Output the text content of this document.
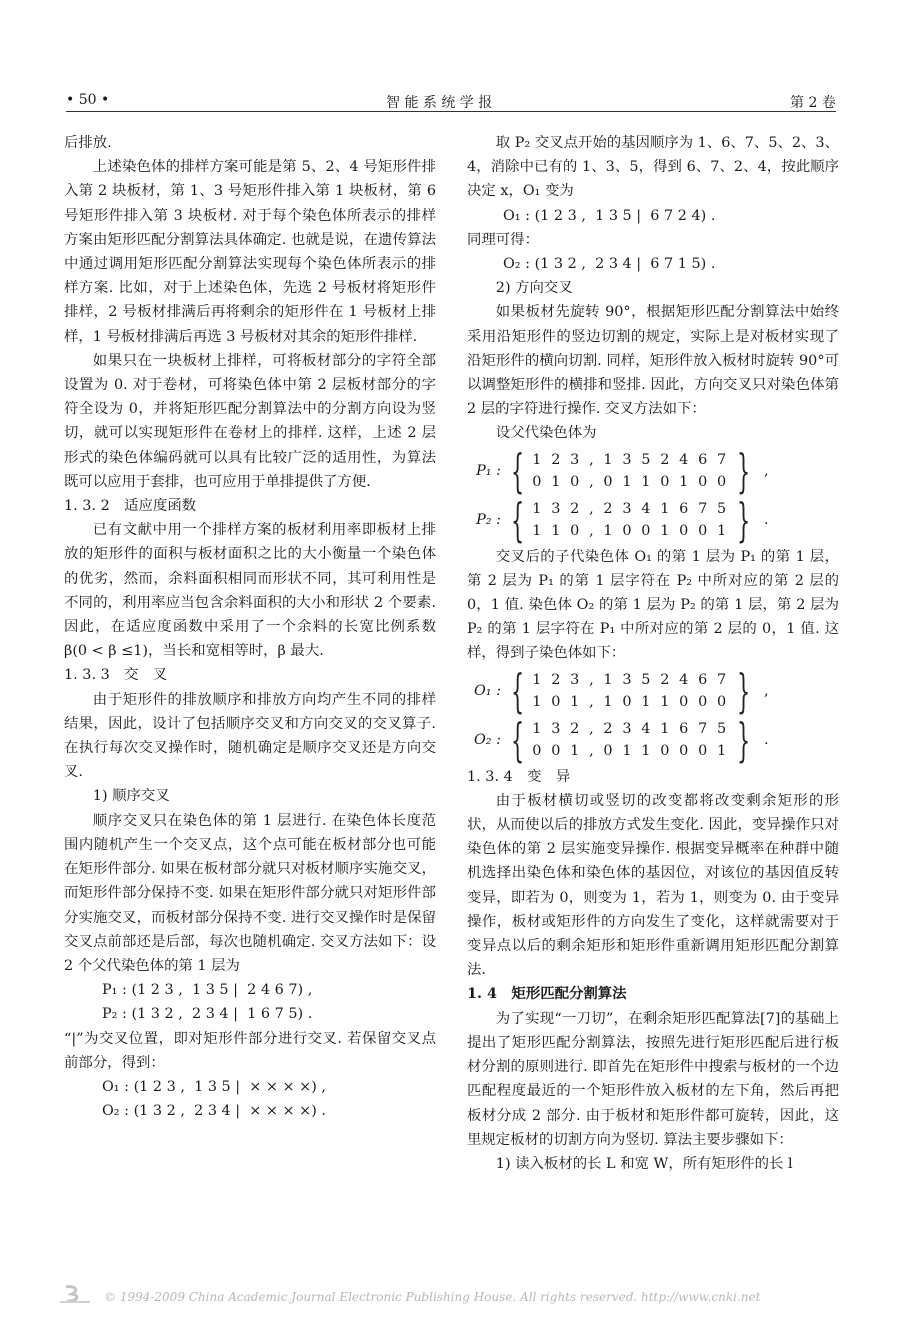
• 50 •	智 能 系 统 学 报	第 2 卷

后排放.

上述染色体的排样方案可能是第 5、2、4 号矩形件排入第 2 块板材，第 1、3 号矩形件排入第 1 块板材，第 6 号矩形件排入第 3 块板材. 对于每个染色体所表示的排样方案由矩形匹配分割算法具体确定. 也就是说，在遗传算法中通过调用矩形匹配分割算法实现每个染色体所表示的排样方案. 比如，对于上述染色体，先选 2 号板材将矩形件排样，2 号板材排满后再将剩余的矩形件在 1 号板材上排样，1 号板材排满后再选 3 号板材对其余的矩形件排样.

如果只在一块板材上排样，可将板材部分的字符全部设置为 0. 对于卷材，可将染色体中第 2 层板材部分的字符全设为 0，并将矩形匹配分割算法中的分割方向设为竖切，就可以实现矩形件在卷材上的排样. 这样，上述 2 层形式的染色体编码就可以具有比较广泛的适用性，为算法既可以应用于套排，也可应用于单排提供了方便.

1. 3. 2　适应度函数

已有文献中用一个排样方案的板材利用率即板材上排放的矩形件的面积与板材面积之比的大小衡量一个染色体的优劣，然而，余料面积相同而形状不同，其可利用性是不同的，利用率应当包含余料面积的大小和形状 2 个要素. 因此，在适应度函数中采用了一个余料的长宽比例系数 β(0 < β ≤1)，当长和宽相等时，β 最大.

1. 3. 3　交　叉

由于矩形件的排放顺序和排放方向均产生不同的排样结果，因此，设计了包括顺序交叉和方向交叉的交叉算子. 在执行每次交叉操作时，随机确定是顺序交叉还是方向交叉.

1) 顺序交叉

顺序交叉只在染色体的第 1 层进行. 在染色体长度范围内随机产生一个交叉点，这个点可能在板材部分也可能在矩形件部分. 如果在板材部分就只对板材顺序实施交叉，而矩形件部分保持不变. 如果在矩形件部分就只对矩形件部分实施交叉，而板材部分保持不变. 进行交叉操作时是保留交叉点前部还是后部，每次也随机确定. 交叉方法如下：设 2 个父代染色体的第 1 层为

P₁ : (1 2 3 ,  1 3 5 |  2 4 6 7) ,

P₂ : (1 3 2 ,  2 3 4 |  1 6 7 5) .

“|”为交叉位置，即对矩形件部分进行交叉. 若保留交叉点前部分，得到：

O₁ : (1 2 3 ,  1 3 5 |  × × × ×) ,

O₂ : (1 3 2 ,  2 3 4 |  × × × ×) .

取 P₂ 交叉点开始的基因顺序为 1、6、7、5、2、3、4，消除中已有的 1、3、5，得到 6、7、2、4，按此顺序决定 x，O₁ 变为

O₁ : (1 2 3 ,  1 3 5 |  6 7 2 4) .

同理可得：

O₂ : (1 3 2 ,  2 3 4 |  6 7 1 5) .

2) 方向交叉

如果板材先旋转 90°，根据矩形匹配分割算法中始终采用沿矩形件的竖边切割的规定，实际上是对板材实现了沿矩形件的横向切割. 同样，矩形件放入板材时旋转 90°可以调整矩形件的横排和竖排. 因此，方向交叉只对染色体第 2 层的字符进行操作. 交叉方法如下：

设父代染色体为

P₁ : { 1 2 3 , 1 3 5 2 4 6 7
0 1 0 , 0 1 1 0 1 0 0 } ,
P₂ : { 1 3 2 , 2 3 4 1 6 7 5
1 1 0 , 1 0 0 1 0 0 1 } .

交叉后的子代染色体 O₁ 的第 1 层为 P₁ 的第 1 层，第 2 层为 P₁ 的第 1 层字符在 P₂ 中所对应的第 2 层的 0，1 值. 染色体 O₂ 的第 1 层为 P₂ 的第 1 层，第 2 层为 P₂ 的第 1 层字符在 P₁ 中所对应的第 2 层的 0，1 值. 这样，得到子染色体如下：

O₁ : { 1 2 3 , 1 3 5 2 4 6 7
1 0 1 , 1 0 1 1 0 0 0 } ,
O₂ : { 1 3 2 , 2 3 4 1 6 7 5
0 0 1 , 0 1 1 0 0 0 1 } .

1. 3. 4　变　异

由于板材横切或竖切的改变都将改变剩余矩形的形状，从而使以后的排放方式发生变化. 因此，变异操作只对染色体的第 2 层实施变异操作. 根据变异概率在种群中随机选择出染色体和染色体的基因位，对该位的基因值反转变异，即若为 0，则变为 1，若为 1，则变为 0. 由于变异操作，板材或矩形件的方向发生了变化，这样就需要对于变异点以后的剩余矩形和矩形件重新调用矩形匹配分割算法.

1. 4　矩形匹配分割算法

为了实现“一刀切”，在剩余矩形匹配算法[7]的基础上提出了矩形匹配分割算法，按照先进行矩形匹配后进行板材分割的原则进行. 即首先在矩形件中搜索与板材的一个边匹配程度最近的一个矩形件放入板材的左下角，然后再把板材分成 2 部分. 由于板材和矩形件都可旋转，因此，这里规定板材的切割方向为竖切. 算法主要步骤如下：

1) 读入板材的长 L 和宽 W，所有矩形件的长 l

© 1994-2009 China Academic Journal Electronic Publishing House. All rights reserved. http://www.cnki.net
